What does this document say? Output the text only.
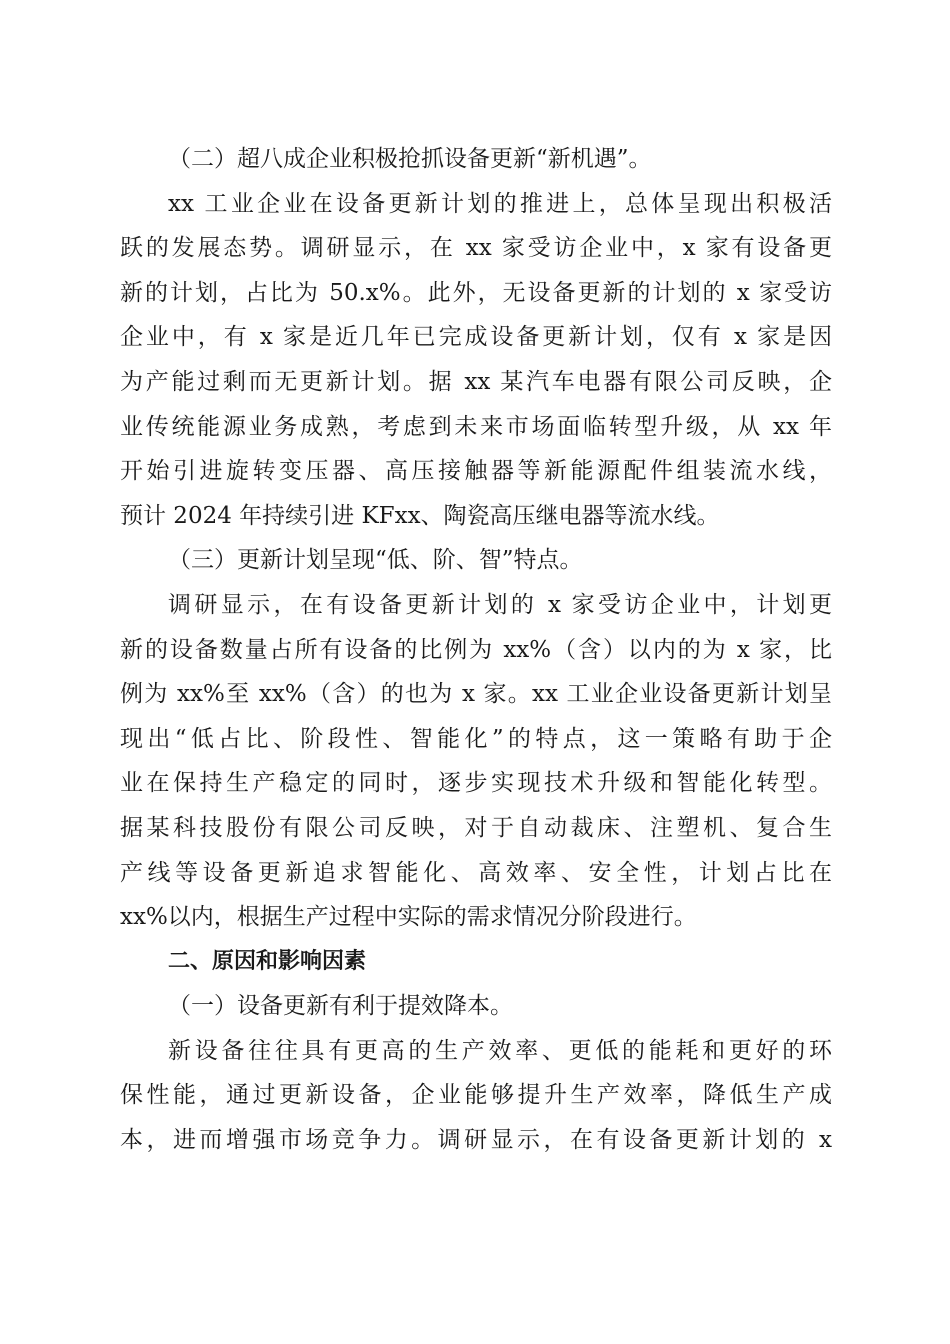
（二）超八成企业积极抢抓设备更新“新机遇”。
xx 工业企业在设备更新计划的推进上，总体呈现出积极活
跃的发展态势。调研显示，在 xx 家受访企业中，x 家有设备更
新的计划，占比为 50.x%。此外，无设备更新的计划的 x 家受访
企业中，有 x 家是近几年已完成设备更新计划，仅有 x 家是因
为产能过剩而无更新计划。据 xx 某汽车电器有限公司反映，企
业传统能源业务成熟，考虑到未来市场面临转型升级，从 xx 年
开始引进旋转变压器、高压接触器等新能源配件组装流水线，
预计 2024 年持续引进 KFxx、陶瓷高压继电器等流水线。
（三）更新计划呈现“低、阶、智”特点。
调研显示，在有设备更新计划的 x 家受访企业中，计划更
新的设备数量占所有设备的比例为 xx%（含）以内的为 x 家，比
例为 xx%至 xx%（含）的也为 x 家。xx 工业企业设备更新计划呈
现出“低占比、阶段性、智能化”的特点，这一策略有助于企
业在保持生产稳定的同时，逐步实现技术升级和智能化转型。
据某科技股份有限公司反映，对于自动裁床、注塑机、复合生
产线等设备更新追求智能化、高效率、安全性，计划占比在
xx%以内，根据生产过程中实际的需求情况分阶段进行。
二、原因和影响因素
（一）设备更新有利于提效降本。
新设备往往具有更高的生产效率、更低的能耗和更好的环
保性能，通过更新设备，企业能够提升生产效率，降低生产成
本，进而增强市场竞争力。调研显示，在有设备更新计划的 x
